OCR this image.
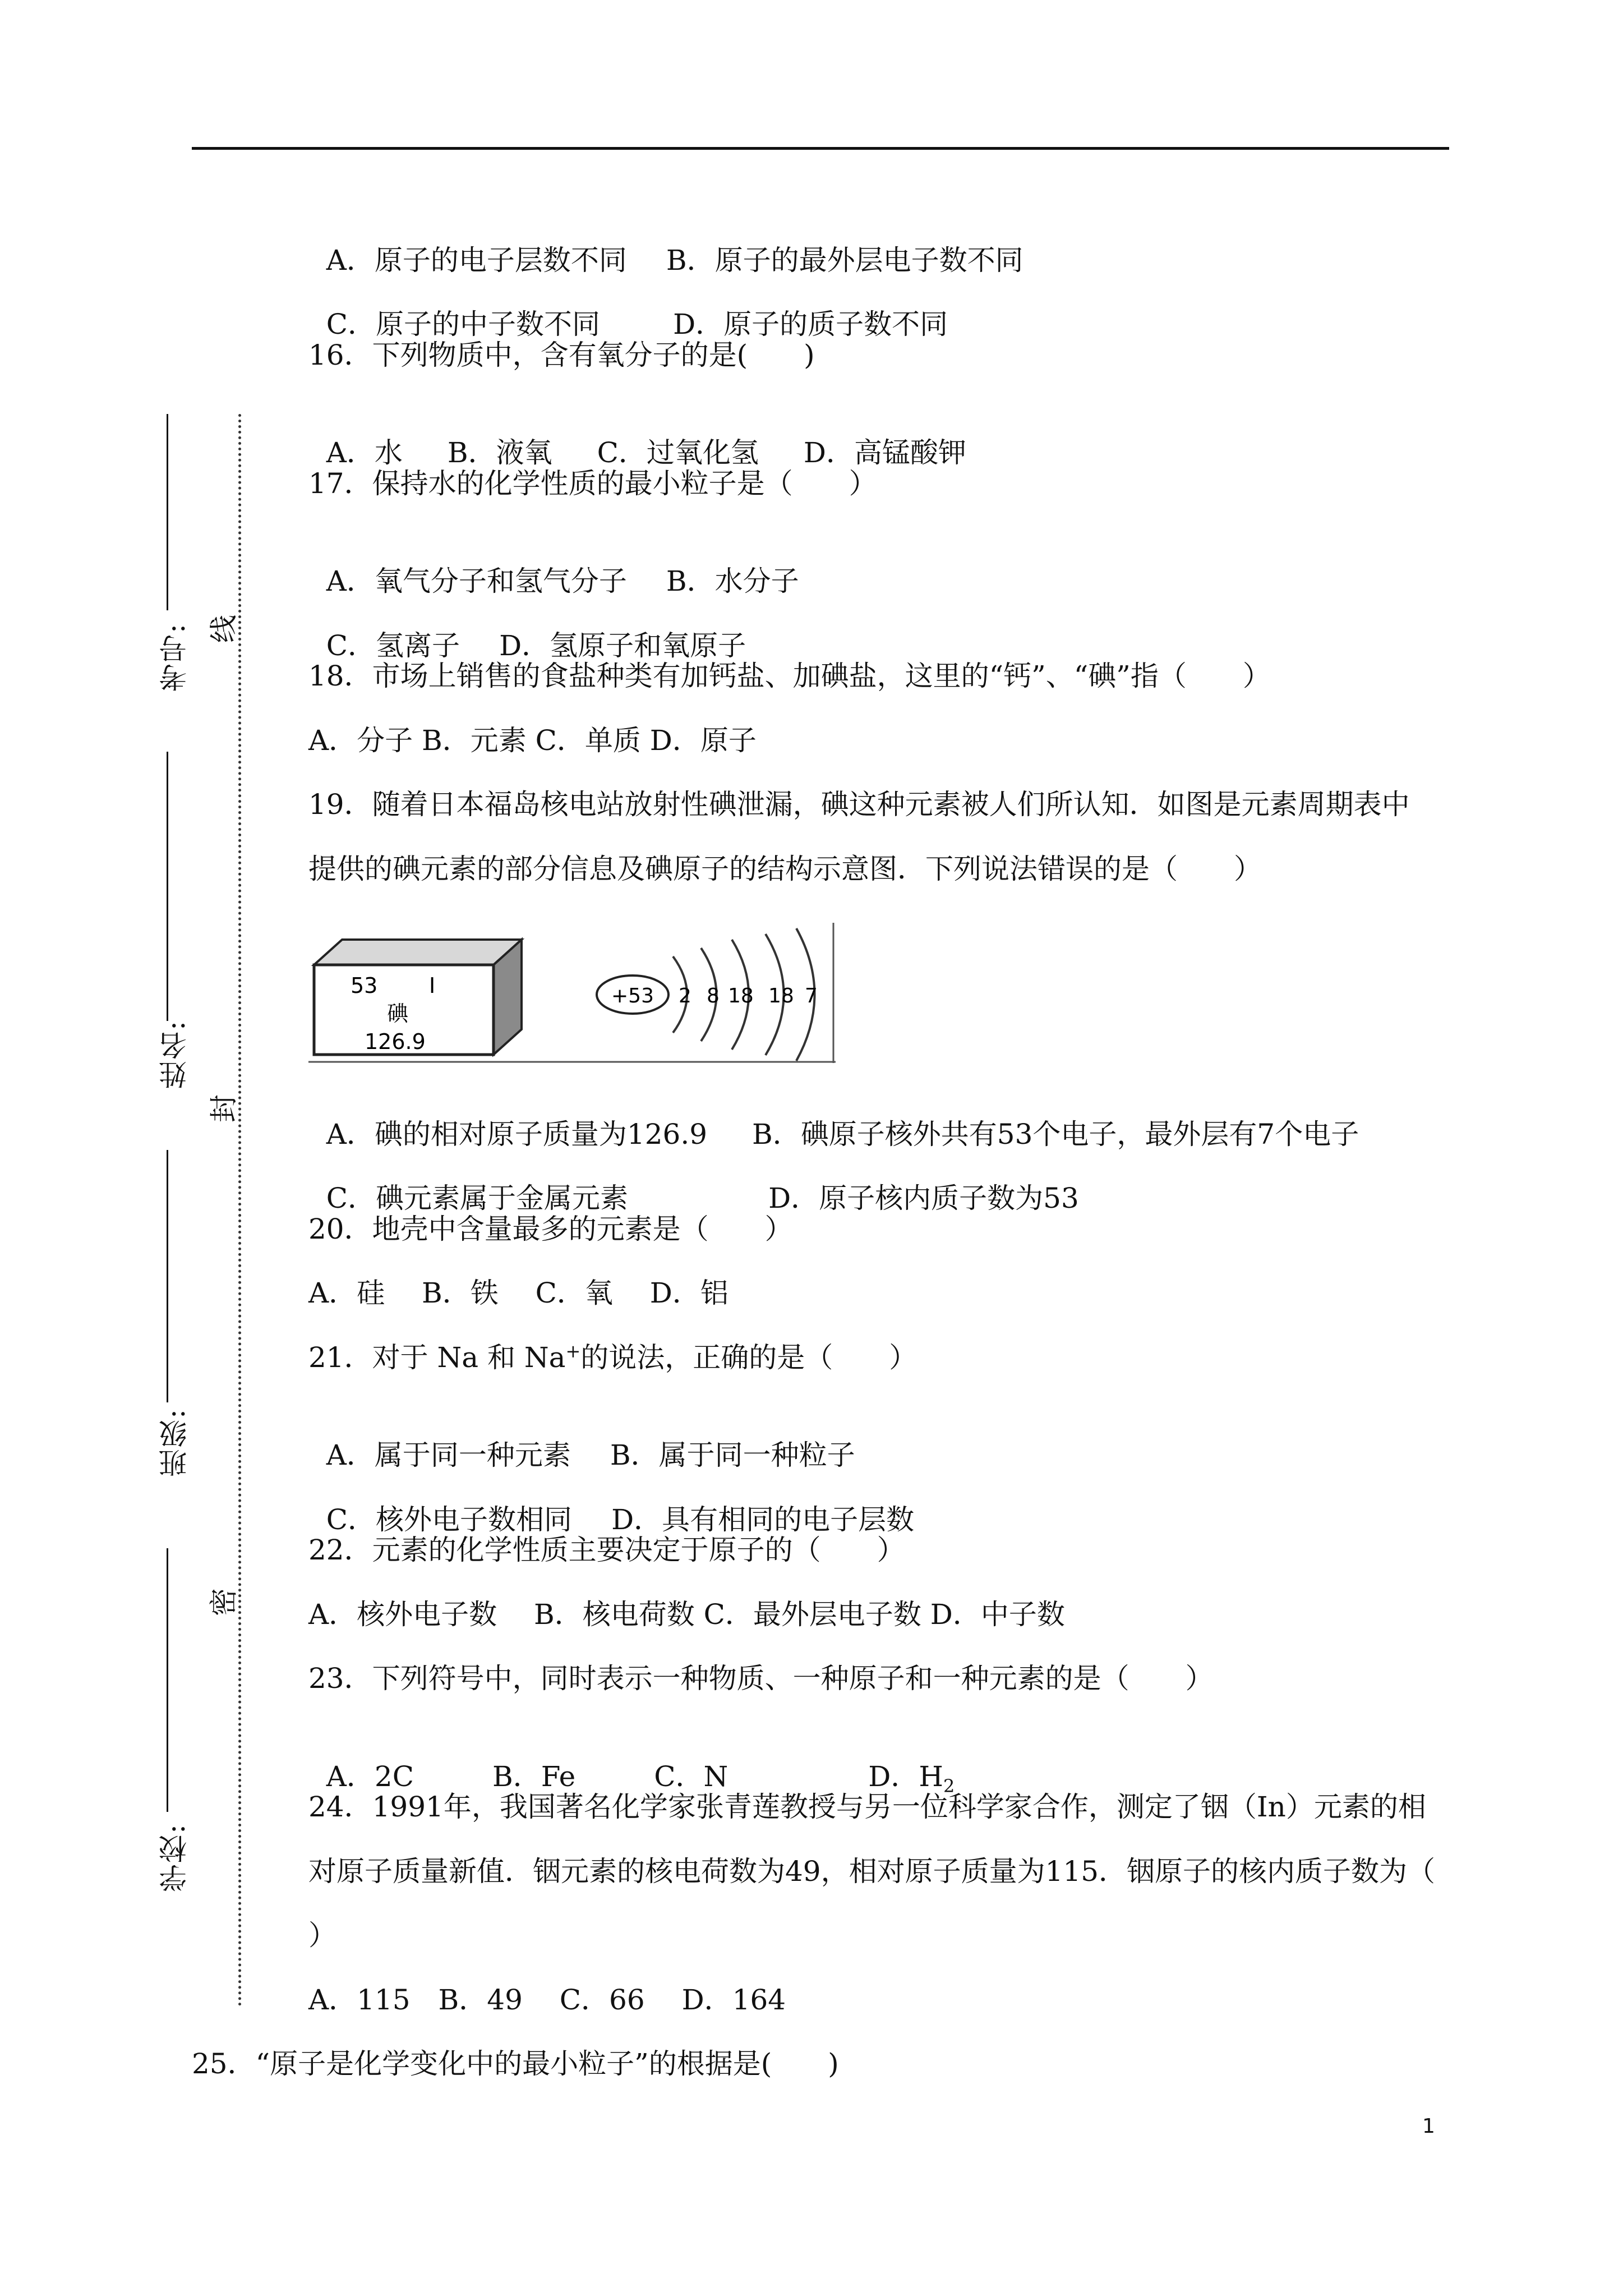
考号:
姓名:
班级:
学校:
线
封
密

A．原子的电子层数不同 B．原子的最外层电子数不同

C．原子的中子数不同	D．原子的质子数不同

16．下列物质中，含有氧分子的是(　　)

A．水 B．液氧 C．过氧化氢 D．高锰酸钾

17．保持水的化学性质的最小粒子是（　　）

A．氧气分子和氢气分子 B．水分子

C．氢离子 D．氢原子和氧原子

18．市场上销售的食盐种类有加钙盐、加碘盐，这里的“钙”、“碘”指（　　）
A．分子 B．元素 C．单质 D．原子
19．随着日本福岛核电站放射性碘泄漏，碘这种元素被人们所认知．如图是元素周期表中
提供的碘元素的部分信息及碘原子的结构示意图．下列说法错误的是（　　）
53 I
碘
126.9
+53 2 8 18 18 7

A．碘的相对原子质量为126.9 B．碘原子核外共有53个电子，最外层有7个电子

C．碘元素属于金属元素	D．原子核内质子数为53

20．地壳中含量最多的元素是（　　）
A．硅　 B．铁　 C．氧　 D．铝
21．对于 Na 和 Na+的说法，正确的是（　　）

A．属于同一种元素 B．属于同一种粒子

C．核外电子数相同 D．具有相同的电子层数

22．元素的化学性质主要决定于原子的（　　）
A．核外电子数　 B．核电荷数 C．最外层电子数 D．中子数
23．下列符号中，同时表示一种物质、一种原子和一种元素的是（　　）

A．2C	B．Fe	C．N	D．$H_2$

24．1991年，我国著名化学家张青莲教授与另一位科学家合作，测定了铟（In）元素的相
对原子质量新值．铟元素的核电荷数为49，相对原子质量为115．铟原子的核内质子数为（
）
A．115　B．49　 C．66　 D．164
25．“原子是化学变化中的最小粒子”的根据是(　　)
1
